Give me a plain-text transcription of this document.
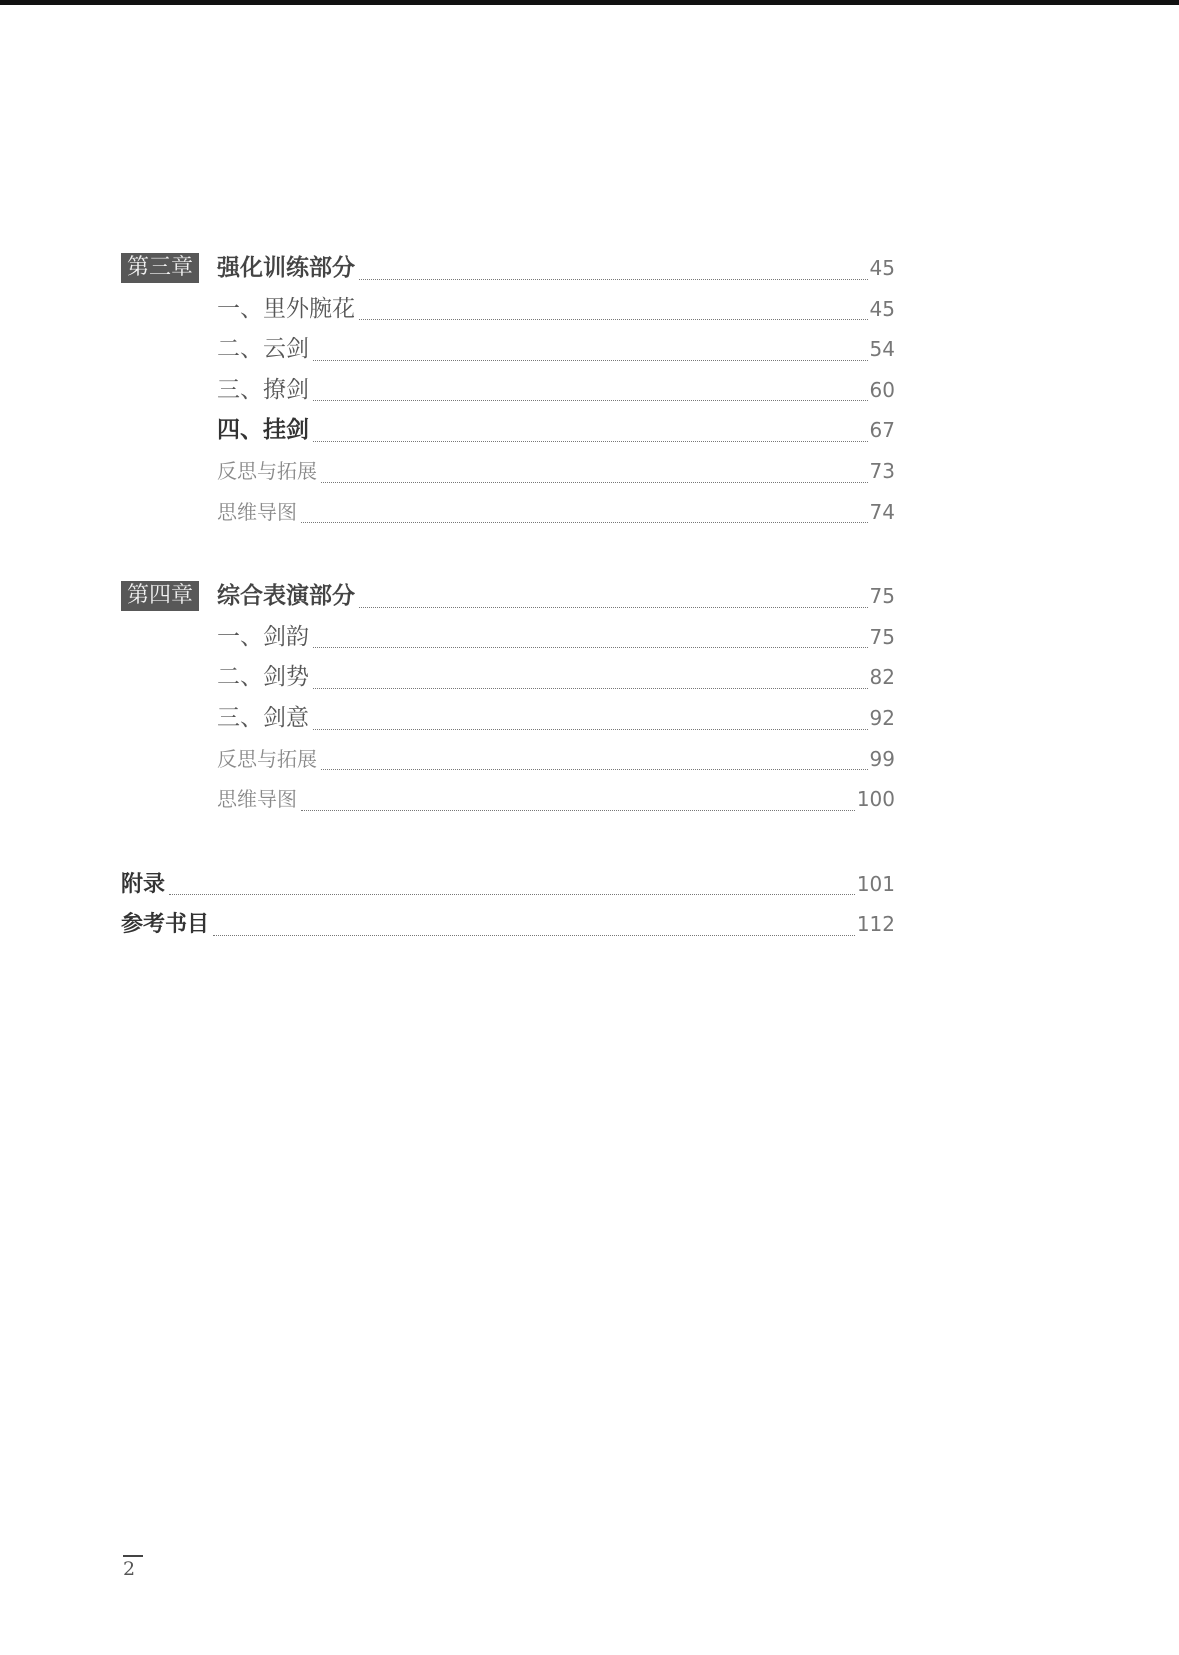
第三章 强化训练部分	45
一、里外腕花	45
二、云剑	54
三、撩剑	60
四、挂剑	67
反思与拓展	73
思维导图	74
第四章 综合表演部分	75
一、剑韵	75
二、剑势	82
三、剑意	92
反思与拓展	99
思维导图	100
附录	101
参考书目	112
2
